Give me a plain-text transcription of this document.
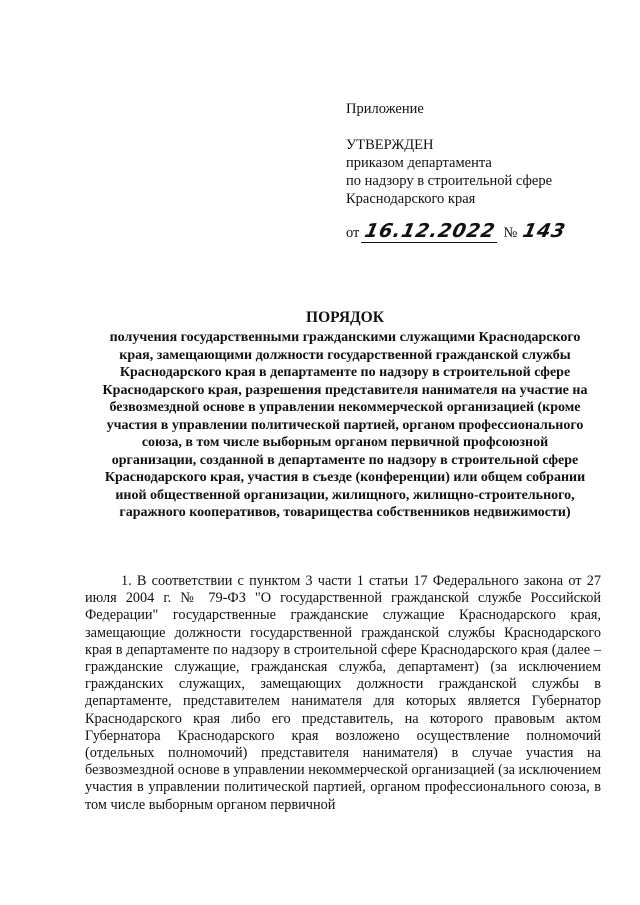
Приложение
УТВЕРЖДЕН
приказом департамента
по надзору в строительной сфере
Краснодарского края
от 16.12.2022 № 143
ПОРЯДОК
получения государственными гражданскими служащими Краснодарского края, замещающими должности государственной гражданской службы Краснодарского края в департаменте по надзору в строительной сфере Краснодарского края, разрешения представителя нанимателя на участие на безвозмездной основе в управлении некоммерческой организацией (кроме участия в управлении политической партией, органом профессионального союза, в том числе выборным органом первичной профсоюзной организации, созданной в департаменте по надзору в строительной сфере Краснодарского края, участия в съезде (конференции) или общем собрании иной общественной организации, жилищного, жилищно-строительного, гаражного кооперативов, товарищества собственников недвижимости)

1. В соответствии с пунктом 3 части 1 статьи 17 Федерального закона от 27 июля 2004 г. № 79-ФЗ "О государственной гражданской службе Российской Федерации" государственные гражданские служащие Краснодарского края, замещающие должности государственной гражданской службы Краснодарского края в департаменте по надзору в строительной сфере Краснодарского края (далее – гражданские служащие, гражданская служба, департамент) (за исключением гражданских служащих, замещающих должности гражданской службы в департаменте, представителем нанимателя для которых является Губернатор Краснодарского края либо его представитель, на которого правовым актом Губернатора Краснодарского края возложено осуществление полномочий (отдельных полномочий) представителя нанимателя) в случае участия на безвозмездной основе в управлении некоммерческой организацией (за исключением участия в управлении политической партией, органом профессионального союза, в том числе выборным органом первичной
